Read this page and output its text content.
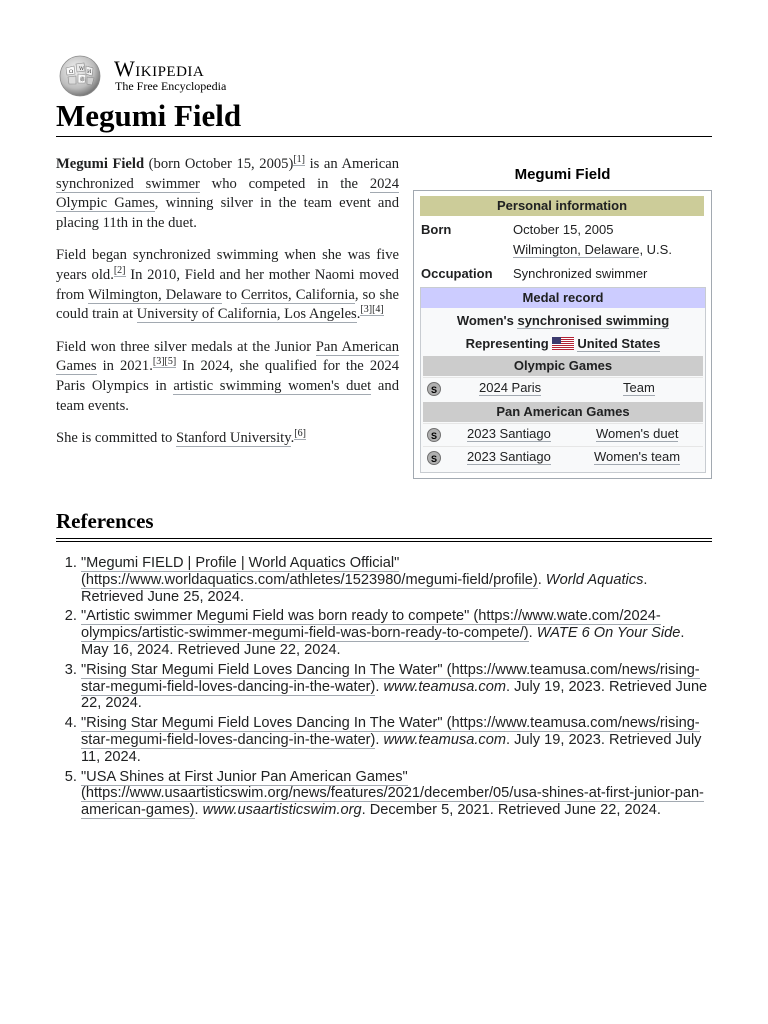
Ω W И
維 Wikipedia
The Free Encyclopedia
Megumi Field

Megumi Field (born October 15, 2005)[1] is an American synchronized swimmer who competed in the 2024 Olympic Games, winning silver in the team event and placing 11th in the duet.

Field began synchronized swimming when she was five years old.[2] In 2010, Field and her mother Naomi moved from Wilmington, Delaware to Cerritos, California, so she could train at University of California, Los Angeles.[3][4]

Field won three silver medals at the Junior Pan American Games in 2021.[3][5] In 2024, she qualified for the 2024 Paris Olympics in artistic swimming women's duet and team events.

She is committed to Stanford University.[6]

Megumi Field
Personal information
Born	October 15, 2005
Wilmington, Delaware, U.S.
Occupation Synchronized swimmer
Medal record
Women's synchronised swimming
Representing United States
Olympic Games
S	2024 Paris	Team
Pan American Games
S	2023 Santiago	Women's duet
S	2023 Santiago	Women's team
References
1. "Megumi FIELD | Profile | World Aquatics Official" (https://www.worldaquatics.com/athletes/1523980/megumi-field/profile). World Aquatics. Retrieved June 25, 2024.
2. "Artistic swimmer Megumi Field was born ready to compete" (https://www.wate.com/2024-olympics/artistic-swimmer-megumi-field-was-born-ready-to-compete/). WATE 6 On Your Side. May 16, 2024. Retrieved June 22, 2024.
3. "Rising Star Megumi Field Loves Dancing In The Water" (https://www.teamusa.com/news/rising-star-megumi-field-loves-dancing-in-the-water). www.teamusa.com. July 19, 2023. Retrieved June 22, 2024.
4. "Rising Star Megumi Field Loves Dancing In The Water" (https://www.teamusa.com/news/rising-star-megumi-field-loves-dancing-in-the-water). www.teamusa.com. July 19, 2023. Retrieved July 11, 2024.
5. "USA Shines at First Junior Pan American Games" (https://www.usaartisticswim.org/news/features/2021/december/05/usa-shines-at-first-junior-pan-american-games). www.usaartisticswim.org. December 5, 2021. Retrieved June 22, 2024.
